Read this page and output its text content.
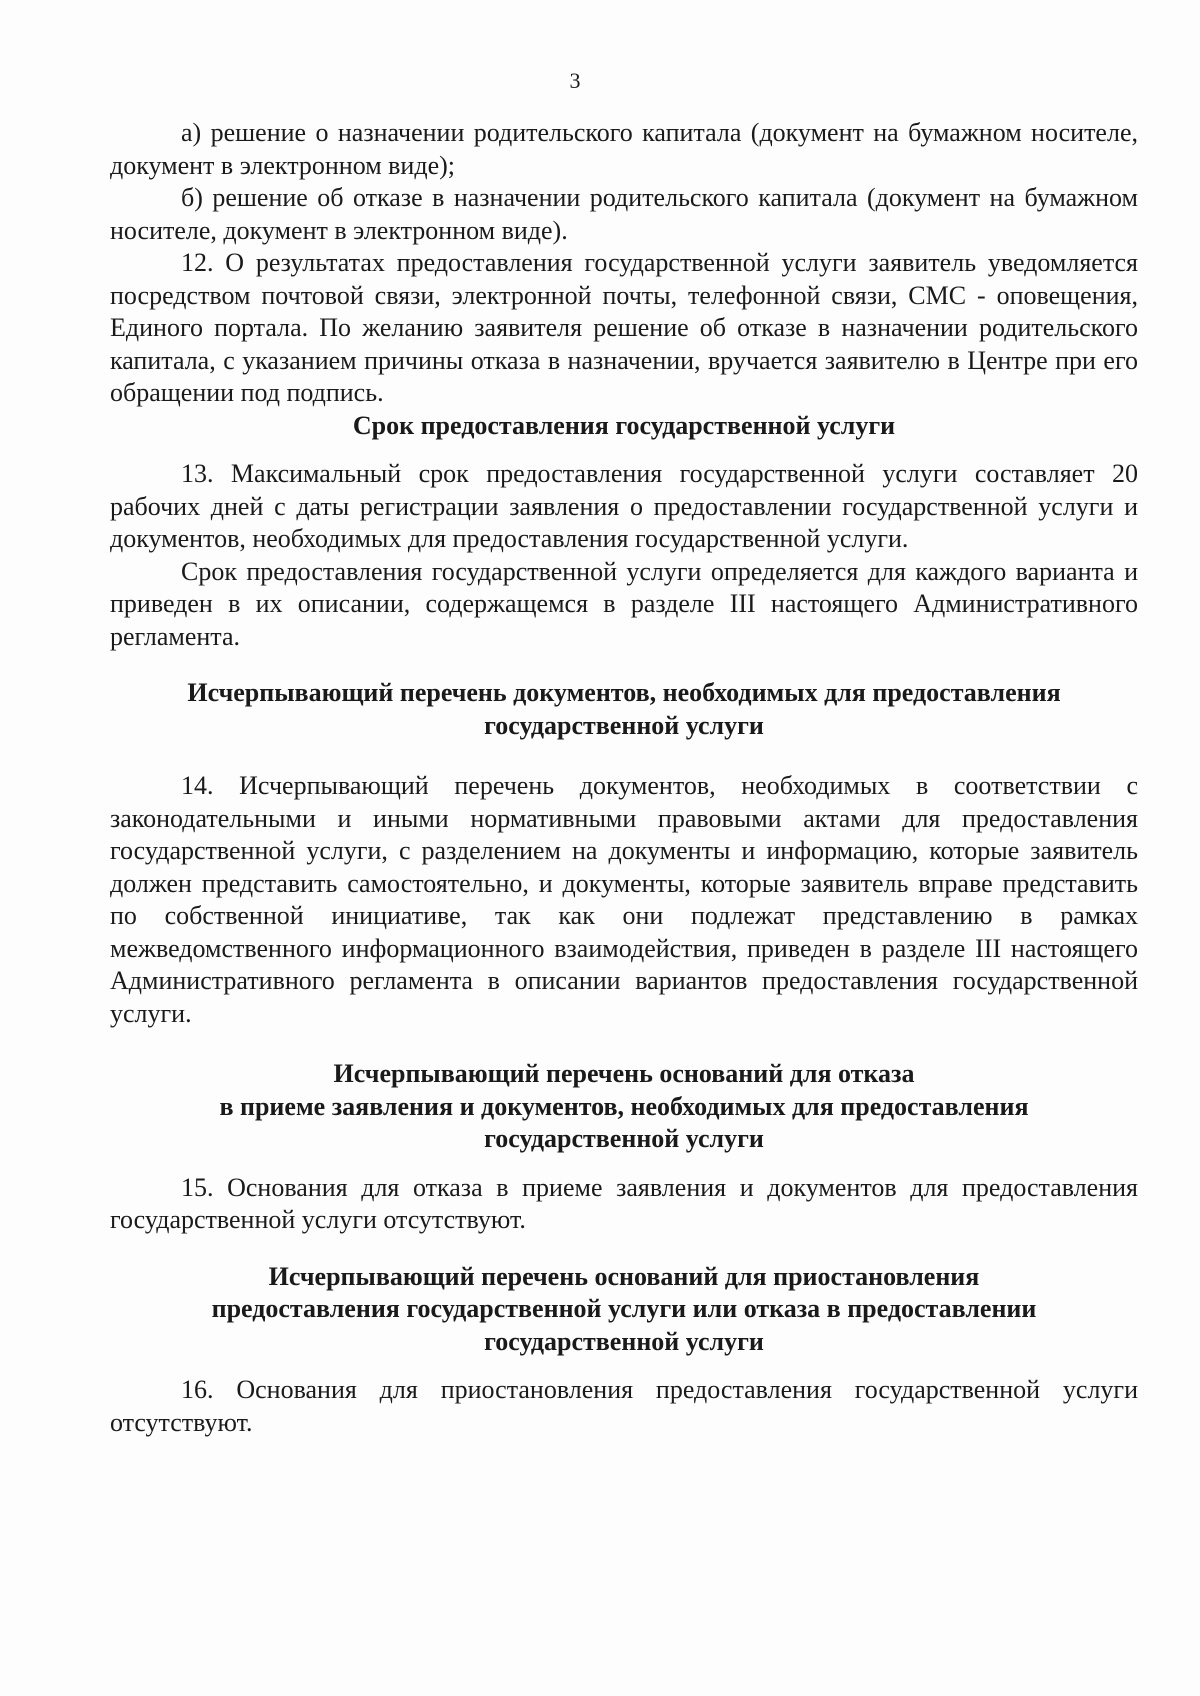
3

а) решение о назначении родительского капитала (документ на бумажном носителе, документ в электронном виде);

б) решение об отказе в назначении родительского капитала (документ на бумажном носителе, документ в электронном виде).

12. О результатах предоставления государственной услуги заявитель уведомляется посредством почтовой связи, электронной почты, телефонной связи, СМС - оповещения, Единого портала. По желанию заявителя решение об отказе в назначении родительского капитала, с указанием причины отказа в назначении, вручается заявителю в Центре при его обращении под подпись.

Срок предоставления государственной услуги

13. Максимальный срок предоставления государственной услуги составляет 20 рабочих дней с даты регистрации заявления о предоставлении государственной услуги и документов, необходимых для предоставления государственной услуги.

Срок предоставления государственной услуги определяется для каждого варианта и приведен в их описании, содержащемся в разделе III настоящего Административного регламента.

Исчерпывающий перечень документов, необходимых для предоставления
государственной услуги

14. Исчерпывающий перечень документов, необходимых в соответствии с законодательными и иными нормативными правовыми актами для предоставления государственной услуги, с разделением на документы и информацию, которые заявитель должен представить самостоятельно, и документы, которые заявитель вправе представить по собственной инициативе, так как они подлежат представлению в рамках межведомственного информационного взаимодействия, приведен в разделе III настоящего Административного регламента в описании вариантов предоставления государственной услуги.

Исчерпывающий перечень оснований для отказа
в приеме заявления и документов, необходимых для предоставления
государственной услуги

15. Основания для отказа в приеме заявления и документов для предоставления государственной услуги отсутствуют.

Исчерпывающий перечень оснований для приостановления
предоставления государственной услуги или отказа в предоставлении
государственной услуги

16. Основания для приостановления предоставления государственной услуги отсутствуют.
